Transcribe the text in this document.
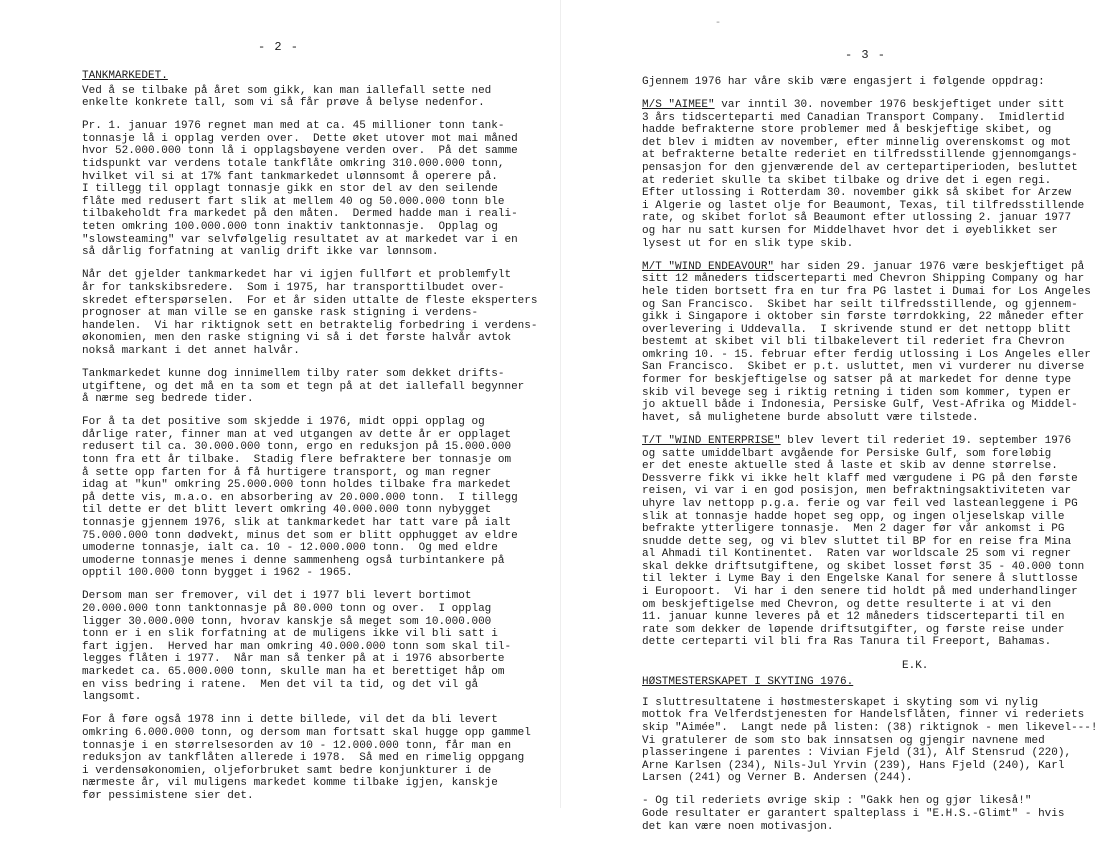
- 2 -
TANKMARKEDET.
Ved å se tilbake på året som gikk, kan man iallefall sette ned
enkelte konkrete tall, som vi så får prøve å belyse nedenfor.
Pr. 1. januar 1976 regnet man med at ca. 45 millioner tonn tank-
tonnasje lå i opplag verden over.  Dette øket utover mot mai måned
hvor 52.000.000 tonn lå i opplagsbøyene verden over.  På det samme
tidspunkt var verdens totale tankflåte omkring 310.000.000 tonn,
hvilket vil si at 17% fant tankmarkedet ulønnsomt å operere på.
I tillegg til opplagt tonnasje gikk en stor del av den seilende
flåte med redusert fart slik at mellem 40 og 50.000.000 tonn ble
tilbakeholdt fra markedet på den måten.  Dermed hadde man i reali-
teten omkring 100.000.000 tonn inaktiv tanktonnasje.  Opplag og
"slowsteaming" var selvfølgelig resultatet av at markedet var i en
så dårlig forfatning at vanlig drift ikke var lønnsom.
Når det gjelder tankmarkedet har vi igjen fullført et problemfylt
år for tankskibsredere.  Som i 1975, har transporttilbudet over-
skredet efterspørselen.  For et år siden uttalte de fleste eksperters
prognoser at man ville se en ganske rask stigning i verdens-
handelen.  Vi har riktignok sett en betraktelig forbedring i verdens-
økonomien, men den raske stigning vi så i det første halvår avtok
nokså markant i det annet halvår.
Tankmarkedet kunne dog innimellem tilby rater som dekket drifts-
utgiftene, og det må en ta som et tegn på at det iallefall begynner
å nærme seg bedrede tider.
For å ta det positive som skjedde i 1976, midt oppi opplag og
dårlige rater, finner man at ved utgangen av dette år er opplaget
redusert til ca. 30.000.000 tonn, ergo en reduksjon på 15.000.000
tonn fra ett år tilbake.  Stadig flere befraktere ber tonnasje om
å sette opp farten for å få hurtigere transport, og man regner
idag at "kun" omkring 25.000.000 tonn holdes tilbake fra markedet
på dette vis, m.a.o. en absorbering av 20.000.000 tonn.  I tillegg
til dette er det blitt levert omkring 40.000.000 tonn nybygget
tonnasje gjennem 1976, slik at tankmarkedet har tatt vare på ialt
75.000.000 tonn dødvekt, minus det som er blitt opphugget av eldre
umoderne tonnasje, ialt ca. 10 - 12.000.000 tonn.  Og med eldre
umoderne tonnasje menes i denne sammenheng også turbintankere på
opptil 100.000 tonn bygget i 1962 - 1965.
Dersom man ser fremover, vil det i 1977 bli levert bortimot
20.000.000 tonn tanktonnasje på 80.000 tonn og over.  I opplag
ligger 30.000.000 tonn, hvorav kanskje så meget som 10.000.000
tonn er i en slik forfatning at de muligens ikke vil bli satt i
fart igjen.  Herved har man omkring 40.000.000 tonn som skal til-
legges flåten i 1977.  Når man så tenker på at i 1976 absorberte
markedet ca. 65.000.000 tonn, skulle man ha et berettiget håp om
en viss bedring i ratene.  Men det vil ta tid, og det vil gå
langsomt.
For å føre også 1978 inn i dette billede, vil det da bli levert
omkring 6.000.000 tonn, og dersom man fortsatt skal hugge opp gammel
tonnasje i en størrelsesorden av 10 - 12.000.000 tonn, får man en
reduksjon av tankflåten allerede i 1978.  Så med en rimelig oppgang
i verdensøkonomien, oljeforbruket samt bedre konjunkturer i de
nærmeste år, vil muligens markedet komme tilbake igjen, kanskje
før pessimistene sier det.
-
- 3 -
Gjennem 1976 har våre skib være engasjert i følgende oppdrag:
M/S "AIMEE" var inntil 30. november 1976 beskjeftiget under sitt
3 års tidscerteparti med Canadian Transport Company.  Imidlertid
hadde befrakterne store problemer med å beskjeftige skibet, og
det blev i midten av november, efter minnelig overenskomst og mot
at befrakterne betalte rederiet en tilfredsstillende gjennomgangs-
pensasjon for den gjenværende del av certepartiperioden, besluttet
at rederiet skulle ta skibet tilbake og drive det i egen regi.
Efter utlossing i Rotterdam 30. november gikk så skibet for Arzew
i Algerie og lastet olje for Beaumont, Texas, til tilfredsstillende
rate, og skibet forlot så Beaumont efter utlossing 2. januar 1977
og har nu satt kursen for Middelhavet hvor det i øyeblikket ser
lysest ut for en slik type skib.
M/T "WIND ENDEAVOUR" har siden 29. januar 1976 være beskjeftiget på
sitt 12 måneders tidscerteparti med Chevron Shipping Company og har
hele tiden bortsett fra en tur fra PG lastet i Dumai for Los Angeles
og San Francisco.  Skibet har seilt tilfredsstillende, og gjennem-
gikk i Singapore i oktober sin første tørrdokking, 22 måneder efter
overlevering i Uddevalla.  I skrivende stund er det nettopp blitt
bestemt at skibet vil bli tilbakelevert til rederiet fra Chevron
omkring 10. - 15. februar efter ferdig utlossing i Los Angeles eller
San Francisco.  Skibet er p.t. usluttet, men vi vurderer nu diverse
former for beskjeftigelse og satser på at markedet for denne type
skib vil bevege seg i riktig retning i tiden som kommer, typen er
jo aktuell både i Indonesia, Persiske Gulf, Vest-Afrika og Middel-
havet, så mulighetene burde absolutt være tilstede.
T/T "WIND ENTERPRISE" blev levert til rederiet 19. september 1976
og satte umiddelbart avgående for Persiske Gulf, som foreløbig
er det eneste aktuelle sted å laste et skib av denne størrelse.
Dessverre fikk vi ikke helt klaff med værgudene i PG på den første
reisen, vi var i en god posisjon, men befraktningsaktiviteten var
uhyre lav nettopp p.g.a. ferie og var feil ved lasteanleggene i PG
slik at tonnasje hadde hopet seg opp, og ingen oljeselskap ville
befrakte ytterligere tonnasje.  Men 2 dager før vår ankomst i PG
snudde dette seg, og vi blev sluttet til BP for en reise fra Mina
al Ahmadi til Kontinentet.  Raten var worldscale 25 som vi regner
skal dekke driftsutgiftene, og skibet losset først 35 - 40.000 tonn
til lekter i Lyme Bay i den Engelske Kanal for senere å sluttlosse
i Europoort.  Vi har i den senere tid holdt på med underhandlinger
om beskjeftigelse med Chevron, og dette resulterte i at vi den
11. januar kunne leveres på et 12 måneders tidscerteparti til en
rate som dekker de løpende driftsutgifter, og første reise under
dette certeparti vil bli fra Ras Tanura til Freeport, Bahamas.
E.K.
HØSTMESTERSKAPET I SKYTING 1976.
I sluttresultatene i høstmesterskapet i skyting som vi nylig
mottok fra Velferdstjenesten for Handelsflåten, finner vi rederiets
skip "Aimée".  Langt nede på listen: (38) riktignok - men likevel---!
Vi gratulerer de som sto bak innsatsen og gjengir navnene med
plasseringene i parentes : Vivian Fjeld (31), Alf Stensrud (220),
Arne Karlsen (234), Nils-Jul Yrvin (239), Hans Fjeld (240), Karl
Larsen (241) og Verner B. Andersen (244).
- Og til rederiets øvrige skip : "Gakk hen og gjør likeså!"
Gode resultater er garantert spalteplass i "E.H.S.-Glimt" - hvis
det kan være noen motivasjon.
